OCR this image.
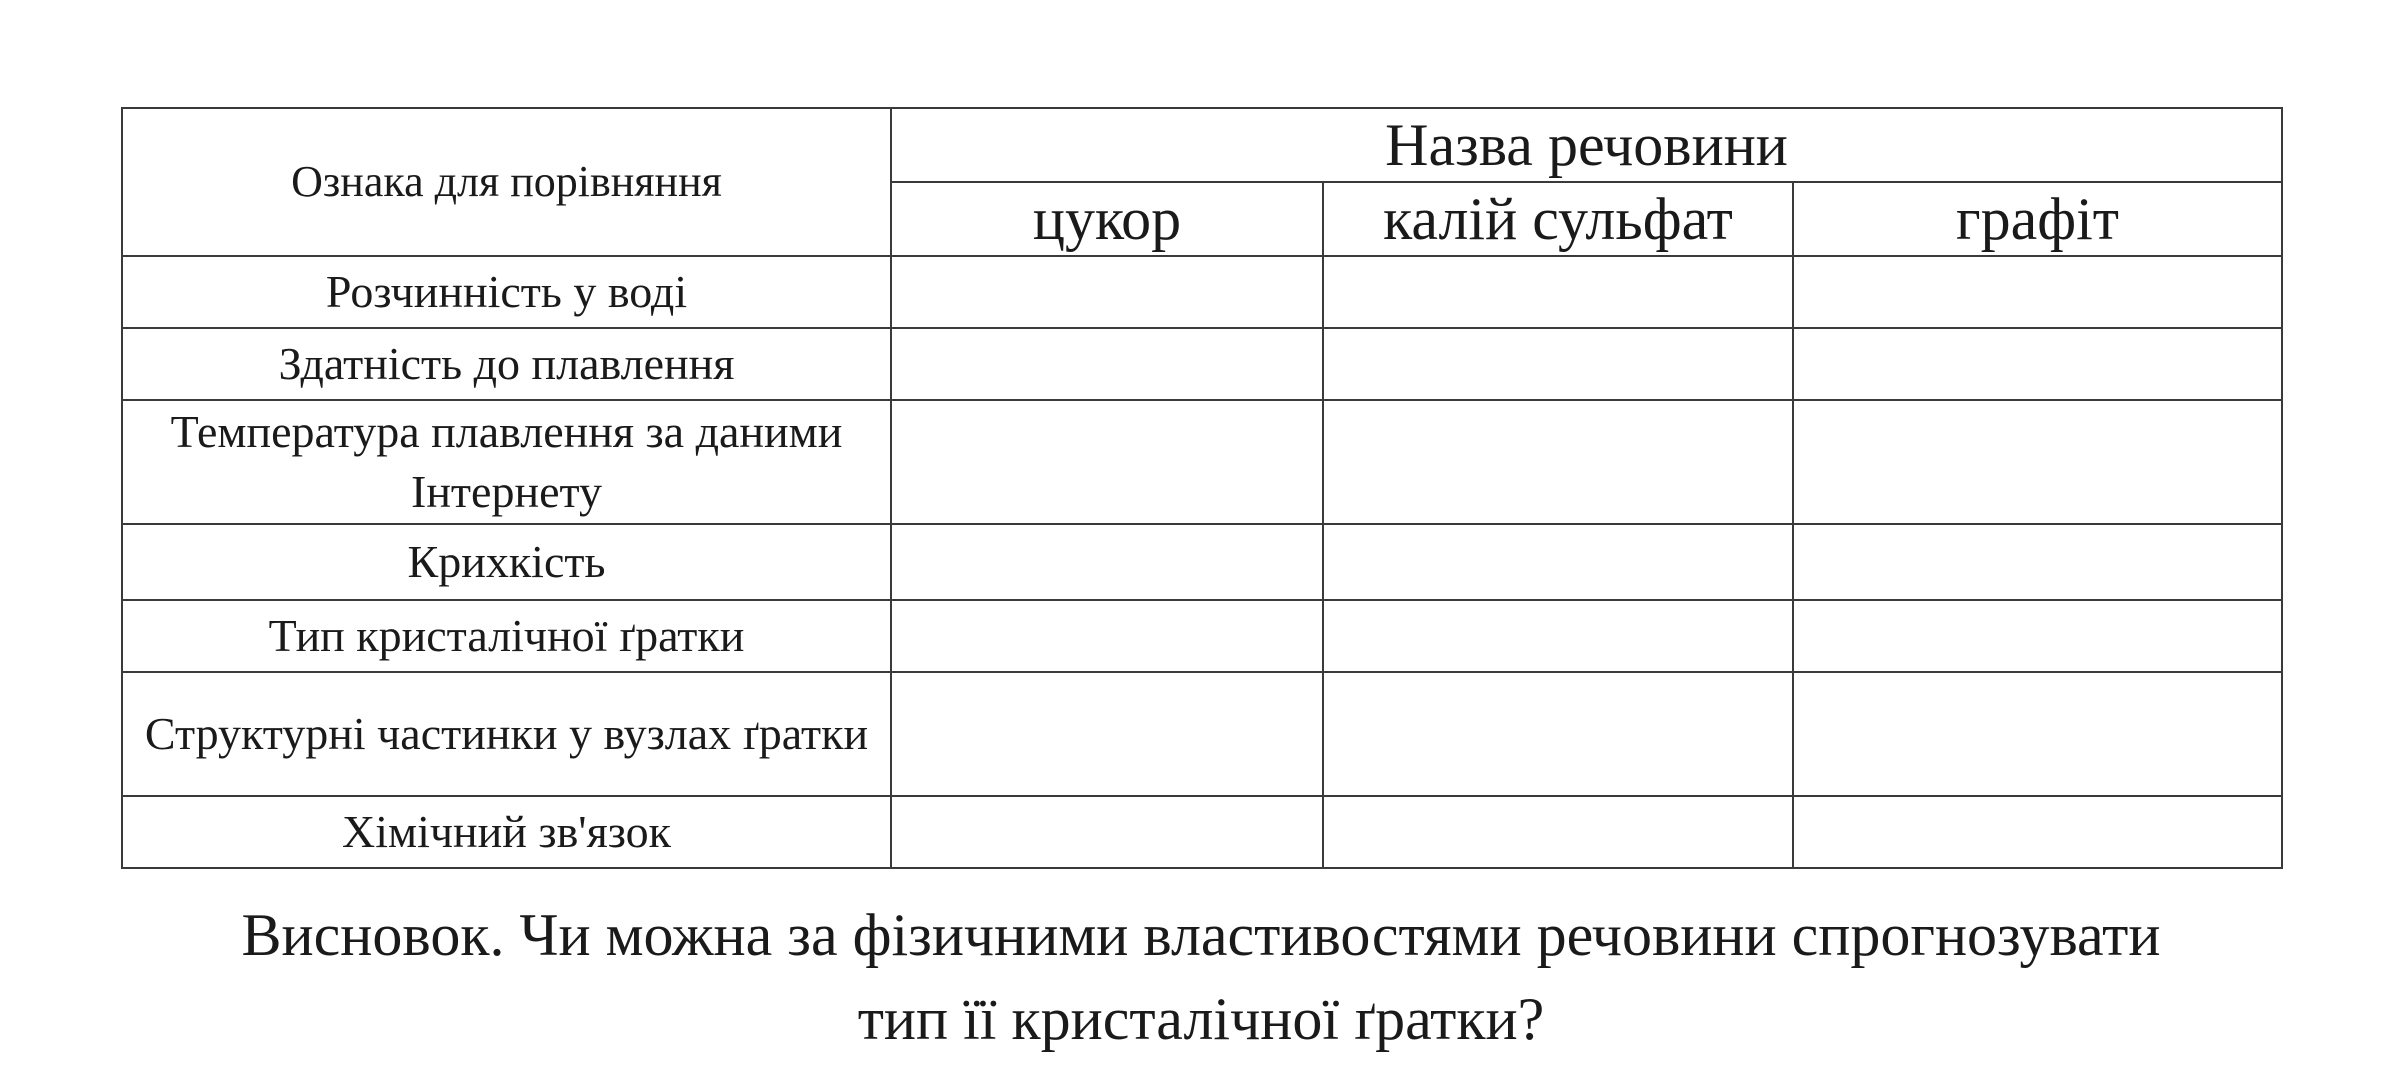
Ознака для порівняння	Назва речовини		
	цукор	калій сульфат	графіт
Розчинність у воді			
Здатність до плавлення			
Температура плавлення за даними Інтернету			
Крихкість			
Тип кристалічної ґратки			
Структурні частинки у вузлах ґратки			
Хімічний зв'язок			
Висновок. Чи можна за фізичними властивостями речовини спрогнозувати
тип її кристалічної ґратки?
